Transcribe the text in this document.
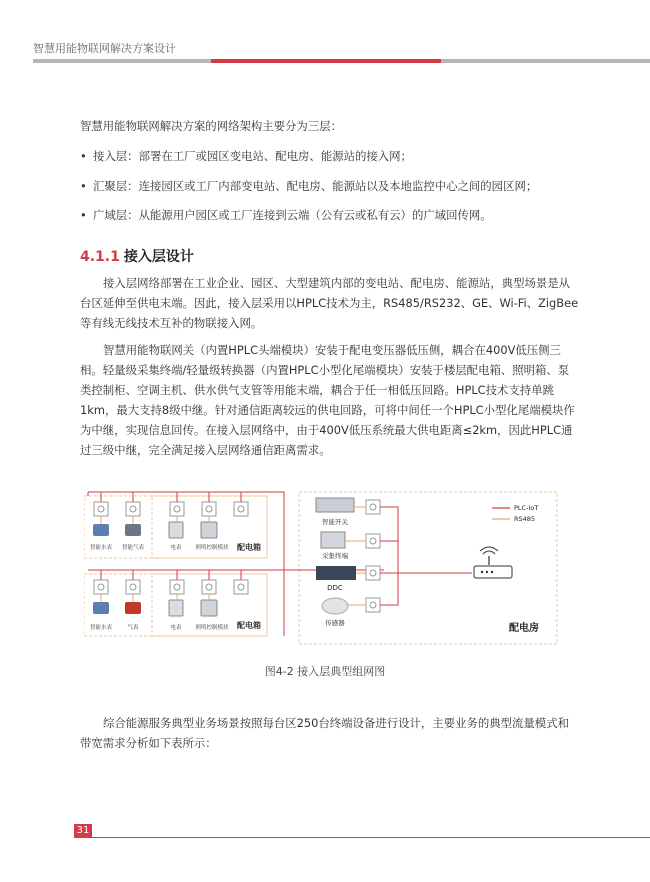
智慧用能物联网解决方案设计
智慧用能物联网解决方案的网络架构主要分为三层：
• 接入层：部署在工厂或园区变电站、配电房、能源站的接入网；
• 汇聚层：连接园区或工厂内部变电站、配电房、能源站以及本地监控中心之间的园区网；
• 广域层：从能源用户园区或工厂连接到云端（公有云或私有云）的广域回传网。
4.1.1 接入层设计
接入层网络部署在工业企业、园区、大型建筑内部的变电站、配电房、能源站，典型场景是从台区延伸至供电末端。因此，接入层采用以HPLC技术为主，RS485/RS232、GE、Wi-Fi、ZigBee等有线无线技术互补的物联接入网。
智慧用能物联网关（内置HPLC头端模块）安装于配电变压器低压侧，耦合在400V低压侧三相。轻量级采集终端/轻量级转换器（内置HPLC小型化尾端模块）安装于楼层配电箱、照明箱、泵类控制柜、空调主机、供水供气支管等用能末端，耦合于任一相低压回路。HPLC技术支持单跳1km，最大支持8级中继。针对通信距离较远的供电回路，可将中间任一个HPLC小型化尾端模块作为中继，实现信息回传。在接入层网络中，由于400V低压系统最大供电距离≤2km，因此HPLC通过三级中继，完全满足接入层网络通信距离需求。
智能水表 智能气表	电表	照明控制模块 配电箱
智能水表	气表	电表	照明控制模块 配电箱
智能开关
采集终端
DDC
传感器
PLC-IoT
RS485
配电房
图4-2 接入层典型组网图
综合能源服务典型业务场景按照每台区250台终端设备进行设计，主要业务的典型流量模式和带宽需求分析如下表所示：
31
